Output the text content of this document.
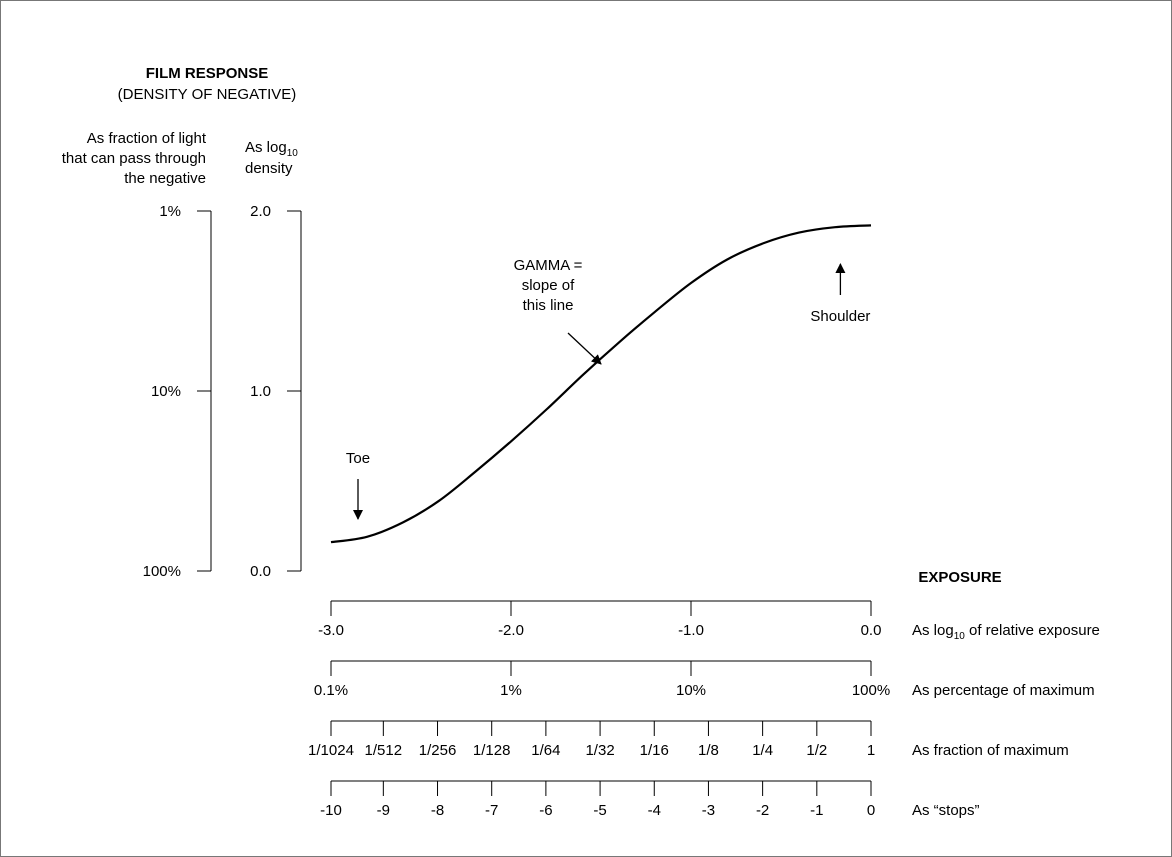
FILM RESPONSE
(DENSITY OF NEGATIVE)
100%
10%
1%
As fraction of light
that can pass through
the negative
0.0
1.0
2.0
As $\log_{10}$
density
Toe
GAMMA =
slope of
this line
Shoulder
EXPOSURE
-3.0	-2.0	-1.0	0.0 As $\log_{10}$ of relative exposure
0.1%	1%	10%	100% As percentage of maximum
1/1024 1/512 1/256 1/128 1/64 1/32 1/16 1/8 1/4 1/2	1 As fraction of maximum
-10 -9	-8	-7	-6	-5	-4	-3	-2	-1	0 As “stops”
